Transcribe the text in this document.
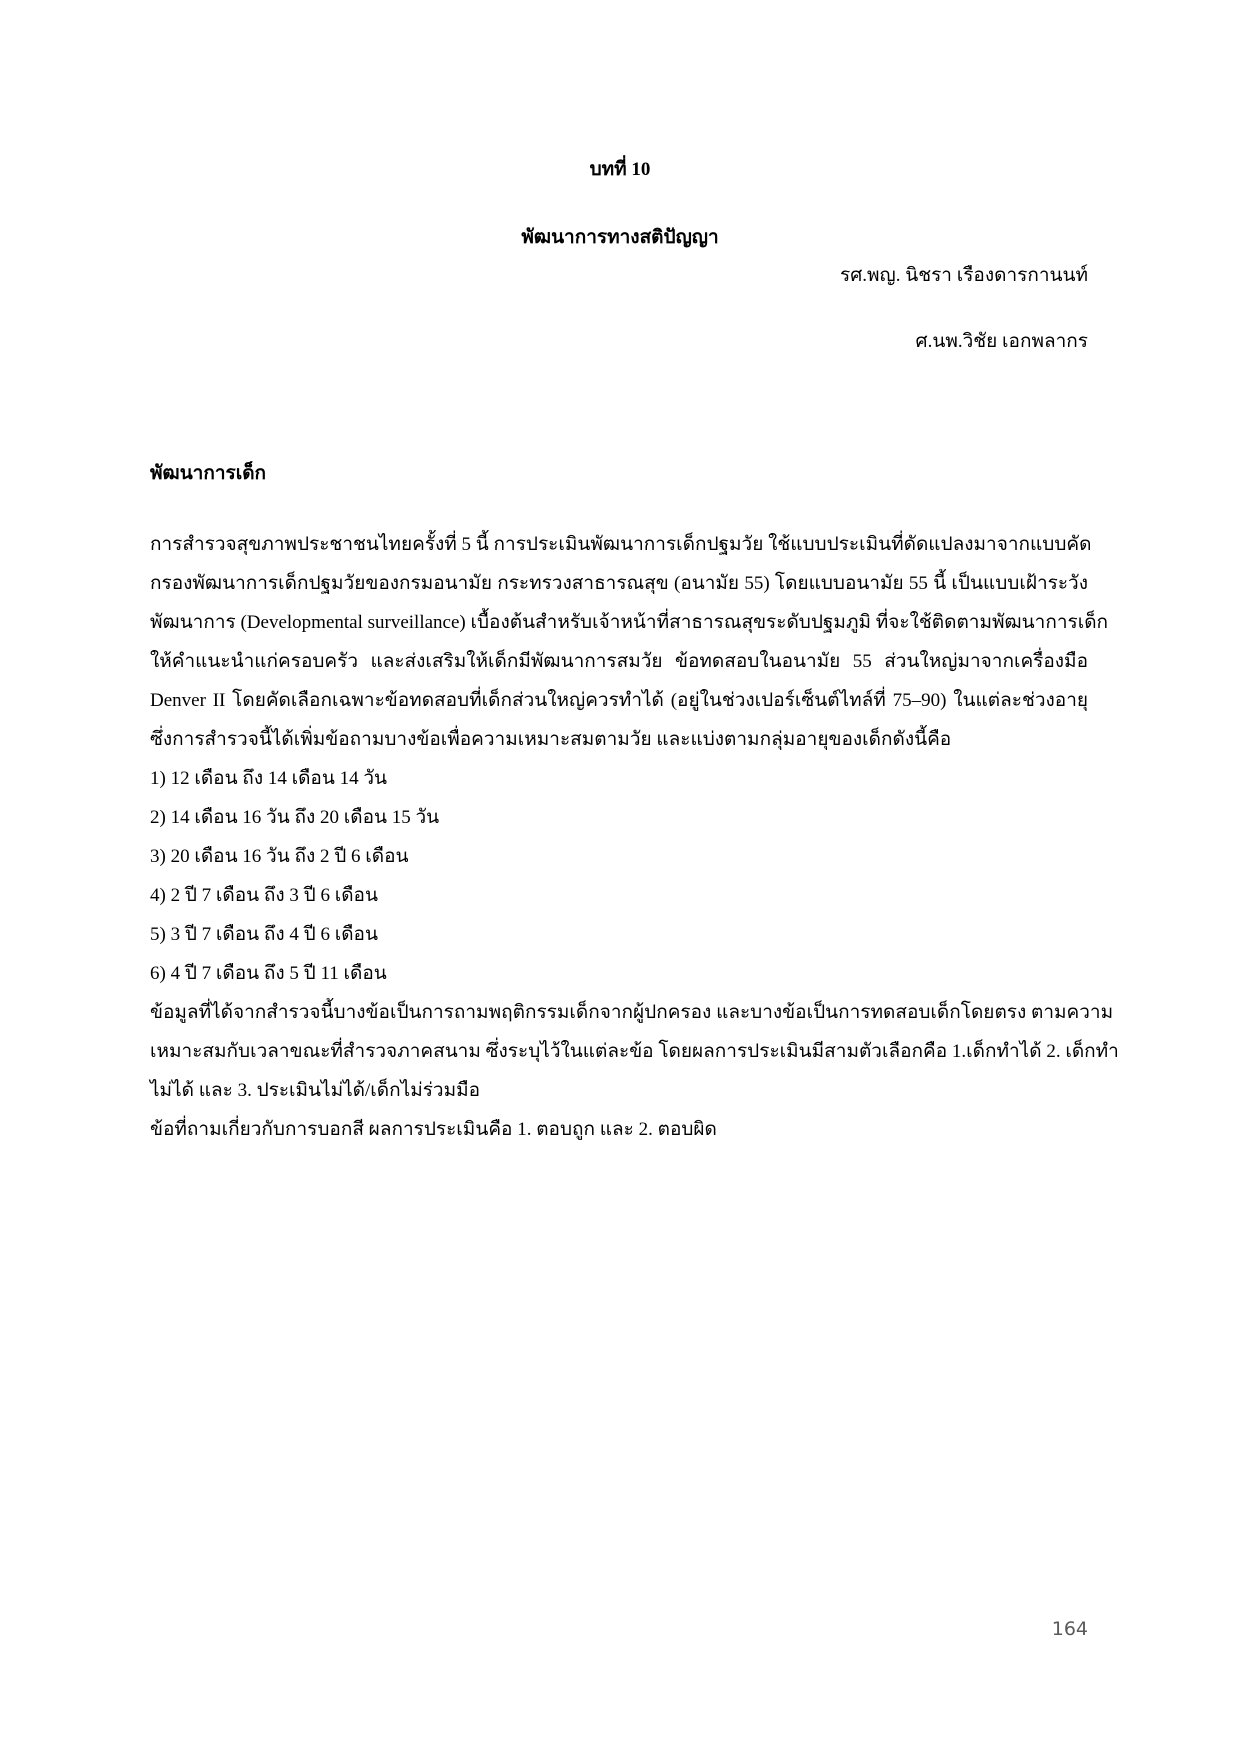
บทที่ 10
พัฒนาการทางสติปัญญา
รศ.พญ. นิชรา เรืองดารกานนท์
ศ.นพ.วิชัย เอกพลากร
พัฒนาการเด็ก
การสำรวจสุขภาพประชาชนไทยครั้งที่ 5 นี้ การประเมินพัฒนาการเด็กปฐมวัย ใช้แบบประเมินที่ดัดแปลงมาจากแบบคัด
กรองพัฒนาการเด็กปฐมวัยของกรมอนามัย กระทรวงสาธารณสุข (อนามัย 55) โดยแบบอนามัย 55 นี้ เป็นแบบเฝ้าระวัง
พัฒนาการ (Developmental surveillance) เบื้องต้นสำหรับเจ้าหน้าที่สาธารณสุขระดับปฐมภูมิ ที่จะใช้ติดตามพัฒนาการเด็ก
ให้คำแนะนำแก่ครอบครัว และส่งเสริมให้เด็กมีพัฒนาการสมวัย ข้อทดสอบในอนามัย 55 ส่วนใหญ่มาจากเครื่องมือ
Denver II โดยคัดเลือกเฉพาะข้อทดสอบที่เด็กส่วนใหญ่ควรทำได้ (อยู่ในช่วงเปอร์เซ็นต์ไทล์ที่ 75–90) ในแต่ละช่วงอายุ
ซึ่งการสำรวจนี้ได้เพิ่มข้อถามบางข้อเพื่อความเหมาะสมตามวัย และแบ่งตามกลุ่มอายุของเด็กดังนี้คือ
1) 12 เดือน ถึง 14 เดือน 14 วัน
2) 14 เดือน 16 วัน ถึง 20 เดือน 15 วัน
3) 20 เดือน 16 วัน ถึง 2 ปี 6 เดือน
4) 2 ปี 7 เดือน ถึง 3 ปี 6 เดือน
5) 3 ปี 7 เดือน ถึง 4 ปี 6 เดือน
6) 4 ปี 7 เดือน ถึง 5 ปี 11 เดือน
ข้อมูลที่ได้จากสำรวจนี้บางข้อเป็นการถามพฤติกรรมเด็กจากผู้ปกครอง และบางข้อเป็นการทดสอบเด็กโดยตรง ตามความ
เหมาะสมกับเวลาขณะที่สำรวจภาคสนาม ซึ่งระบุไว้ในแต่ละข้อ โดยผลการประเมินมีสามตัวเลือกคือ 1.เด็กทำได้ 2. เด็กทำ
ไม่ได้ และ 3. ประเมินไม่ได้/เด็กไม่ร่วมมือ
ข้อที่ถามเกี่ยวกับการบอกสี ผลการประเมินคือ 1. ตอบถูก และ 2. ตอบผิด
164
